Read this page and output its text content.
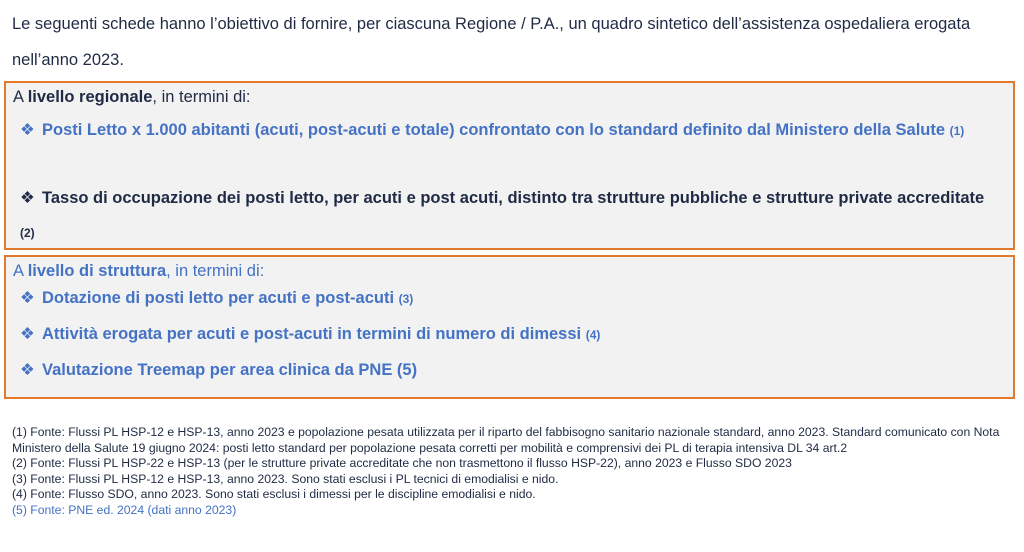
Le seguenti schede hanno l’obiettivo di fornire, per ciascuna Regione / P.A., un quadro sintetico dell’assistenza ospedaliera erogata nell’anno 2023.
A livello regionale, in termini di:
❖ Posti Letto x 1.000 abitanti (acuti, post-acuti e totale) confrontato con lo standard definito dal Ministero della Salute (1)
❖ Tasso di occupazione dei posti letto, per acuti e post acuti, distinto tra strutture pubbliche e strutture private accreditate (2)
A livello di struttura, in termini di:
❖ Dotazione di posti letto per acuti e post-acuti (3)
❖ Attività erogata per acuti e post-acuti in termini di numero di dimessi (4)
❖ Valutazione Treemap per area clinica da PNE (5)
(1) Fonte: Flussi PL HSP-12 e HSP-13, anno 2023 e popolazione pesata utilizzata per il riparto del fabbisogno sanitario nazionale standard, anno 2023. Standard comunicato con Nota Ministero della Salute 19 giugno 2024: posti letto standard per popolazione pesata corretti per mobilità e comprensivi dei PL di terapia intensiva DL 34 art.2
(2) Fonte: Flussi PL HSP-22 e HSP-13 (per le strutture private accreditate che non trasmettono il flusso HSP-22), anno 2023 e Flusso SDO 2023
(3) Fonte: Flussi PL HSP-12 e HSP-13, anno 2023. Sono stati esclusi i PL tecnici di emodialisi e nido.
(4) Fonte: Flusso SDO, anno 2023. Sono stati esclusi i dimessi per le discipline emodialisi e nido.
(5) Fonte: PNE ed. 2024 (dati anno 2023)
